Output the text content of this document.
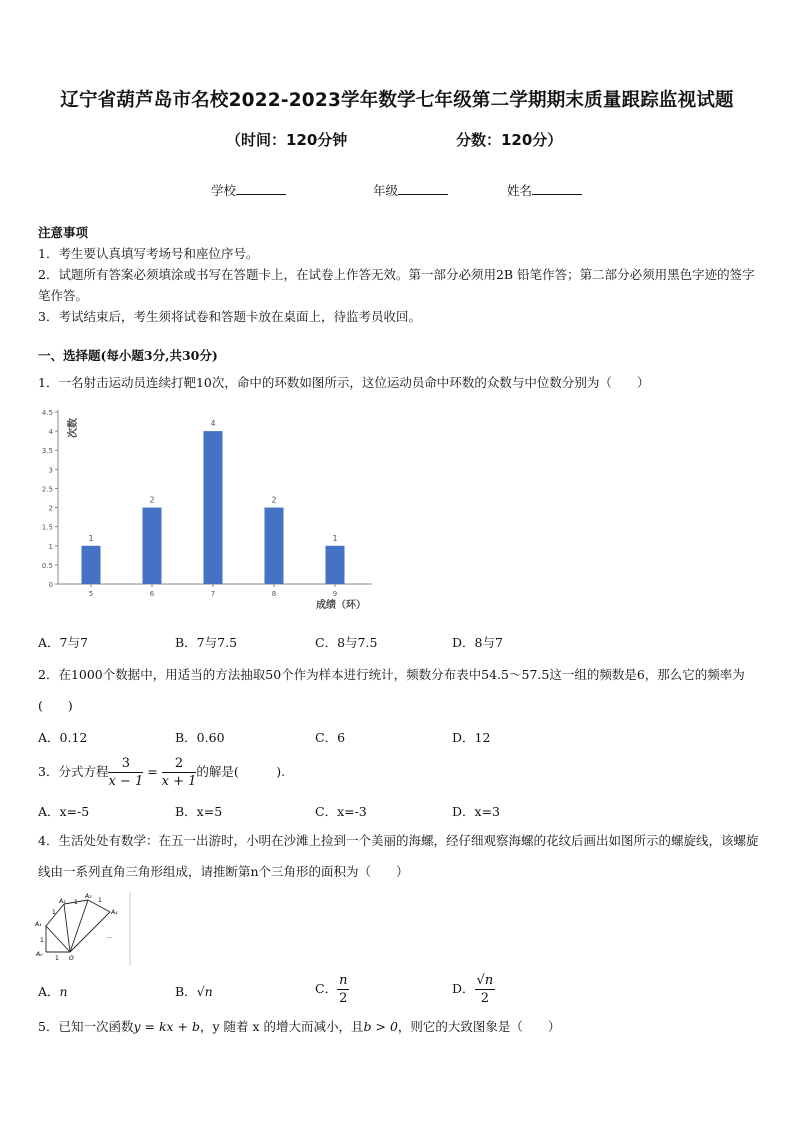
辽宁省葫芦岛市名校2022-2023学年数学七年级第二学期期末质量跟踪监视试题
（时间：120分钟	分数：120分）
学校	年级	姓名
注意事项
1．考生要认真填写考场号和座位序号。
2．试题所有答案必须填涂或书写在答题卡上，在试卷上作答无效。第一部分必须用2B 铅笔作答；第二部分必须用黑色字迹的签字笔作答。
3．考试结束后，考生须将试卷和答题卡放在桌面上，待监考员收回。
一、选择题(每小题3分,共30分)
1．一名射击运动员连续打靶10次，命中的环数如图所示，这位运动员命中环数的众数与中位数分别为（　　）
0
0.5
1
1.5
2
2.5
3
3.5
4
4.5
1
5
2
6
4
7
2
8
1
9
次数
成绩（环）
A．7与7	B．7与7.5	C．8与7.5	D．8与7
2．在1000个数据中，用适当的方法抽取50个作为样本进行统计，频数分布表中54.5～57.5这一组的频数是6，那么它的频率为(　　)
A．0.12	B．0.60	C．6	D．12
3．分式方程 $\frac{3}{x - 1} = \frac{2}{x + 1}$ 的解是(　　　).
A．x=-5	B．x=5	C．x=-3	D．x=3
4．生活处处有数学：在五一出游时，小明在沙滩上捡到一个美丽的海螺，经仔细观察海螺的花纹后画出如图所示的螺旋线，该螺旋线由一系列直角三角形组成，请推断第n个三角形的面积为（　　）
A₀
A₁
A₂
A₃
A₄
O
1
1
1
1	1
…
A．n	B．√n	C． $\frac{n}{2}$	D． $\frac{√n}{2}$
5．已知一次函数y = kx + b，y 随着 x 的增大而减小，且b > 0，则它的大致图象是（　　）
